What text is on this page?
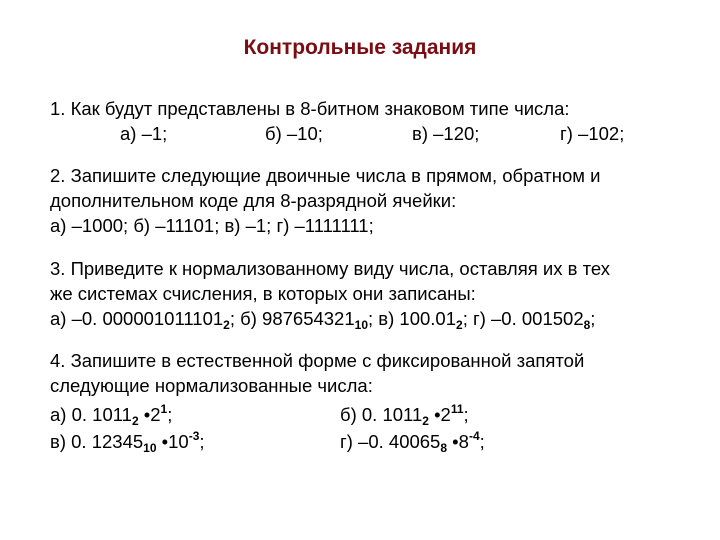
Контрольные задания
1. Как будут представлены в 8-битном знаковом типе числа:
а) –1;	б) –10;	в) –120;	г) –102;
2. Запишите следующие двоичные числа в прямом, обратном и
дополнительном коде для 8-разрядной ячейки:
а) –1000; б) –11101; в) –1; г) –1111111;
3. Приведите к нормализованному виду числа, оставляя их в тех
же системах счисления, в которых они записаны:
а) –0. $000001011101_2$; б) $987654321_{10}$; в) $100.01_2$; г) –0. $001502_8$;
4. Запишите в естественной форме с фиксированной запятой
следующие нормализованные числа:
а) 0. $1011_2$ $•2^1$;	б) 0. $1011_2$ $•2^{11}$;
в) 0. $12345_{10}$ $•10^{-3}$;	г) –0. $40065_8$ $•8^{-4}$;
